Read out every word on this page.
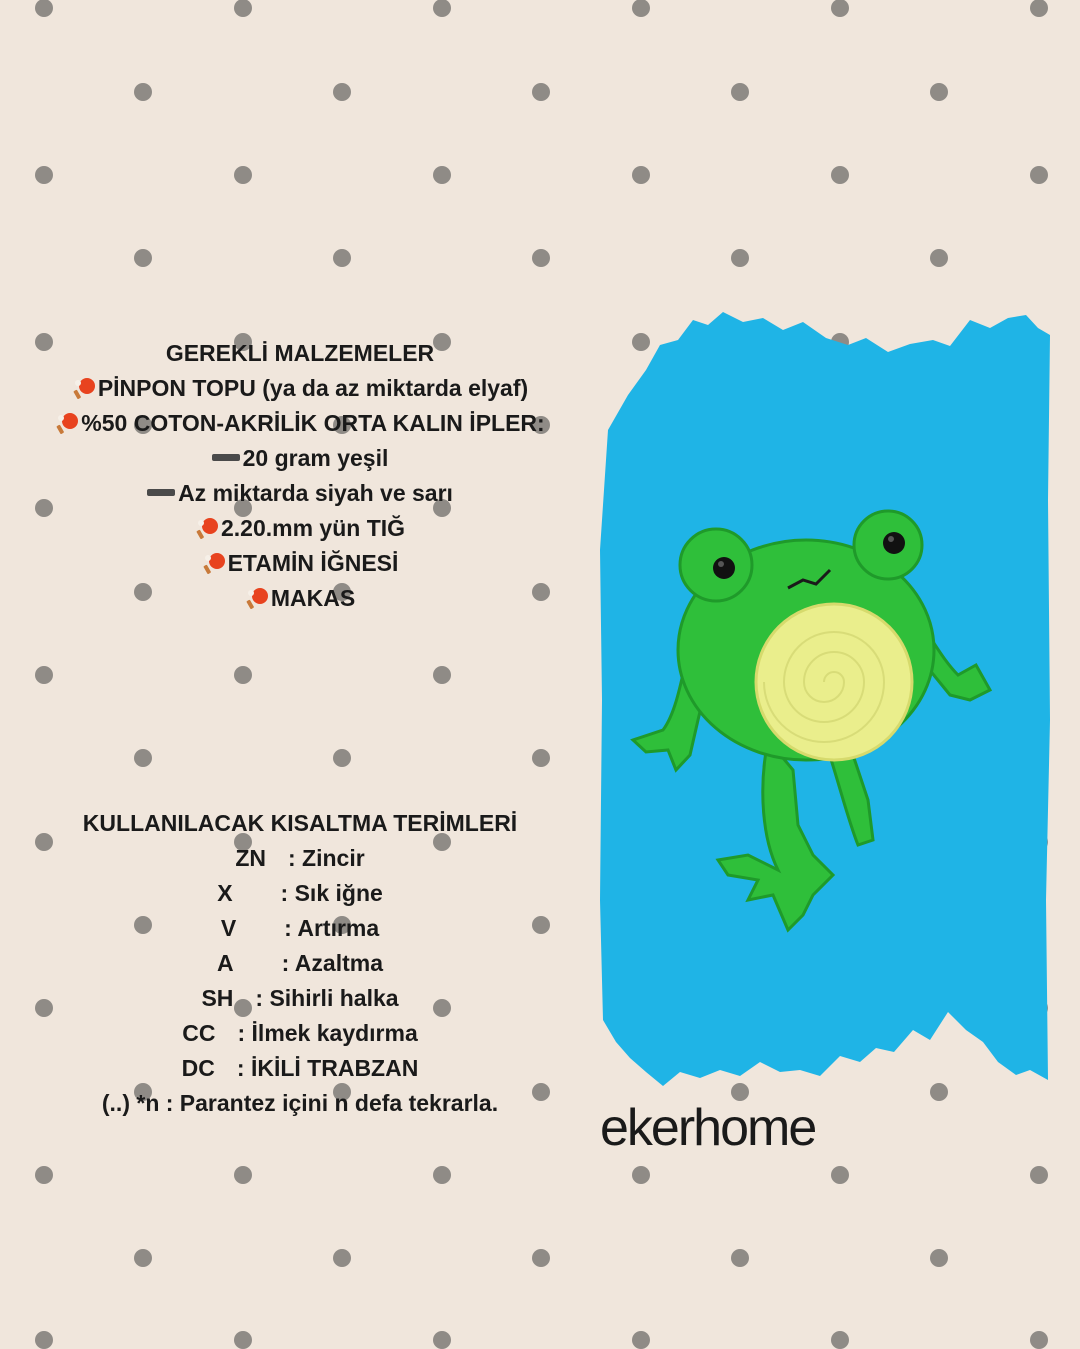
GEREKLİ MALZEMELER
PİNPON TOPU (ya da az miktarda elyaf)
%50 COTON-AKRİLİK ORTA KALIN İPLER:
20 gram yeşil
Az miktarda siyah ve sarı
2.20.mm yün TIĞ
ETAMİN İĞNESİ
MAKAS
KULLANILACAK KISALTMA TERİMLERİ
ZN : Zincir
X : Sık iğne
V : Artırma
A : Azaltma
SH : Sihirli halka
CC : İlmek kaydırma
DC : İKİLİ TRABZAN
(..) *n : Parantez içini n defa tekrarla.	ekerhome
